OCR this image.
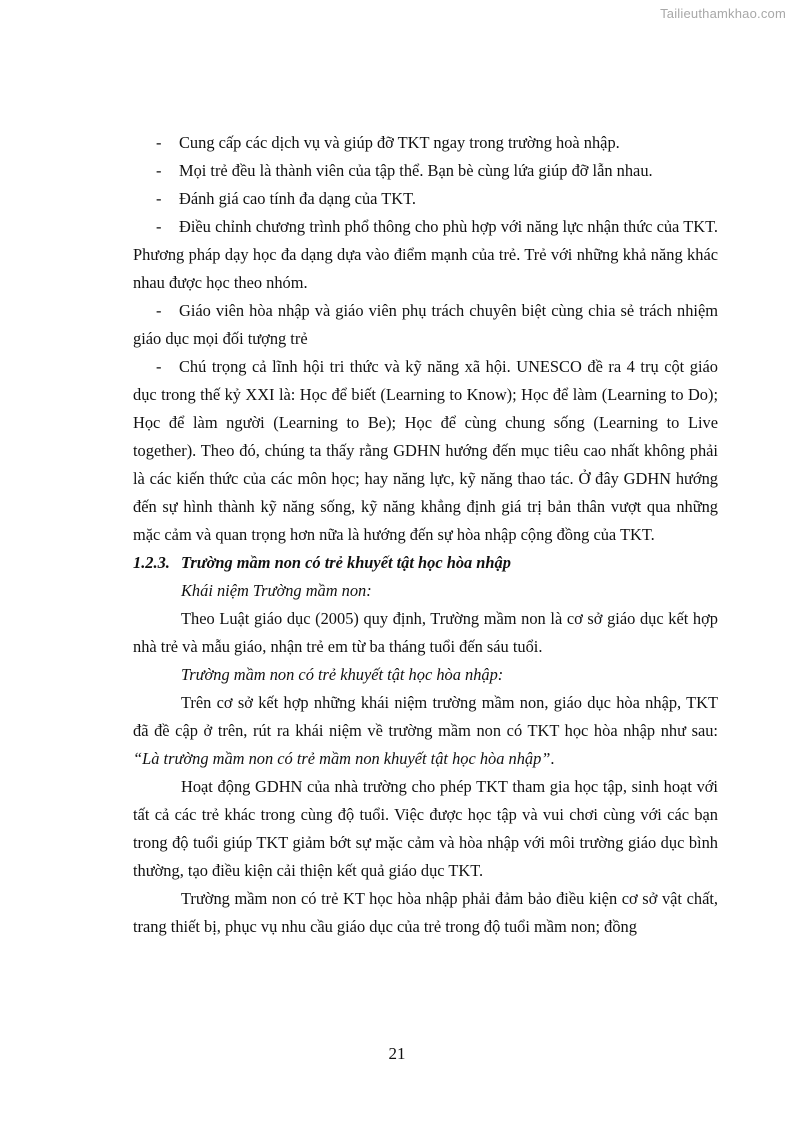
Tailieuthamkhao.com

- Cung cấp các dịch vụ và giúp đỡ TKT ngay trong trường hoà nhập.

- Mọi trẻ đều là thành viên của tập thể. Bạn bè cùng lứa giúp đỡ lẫn nhau.

- Đánh giá cao tính đa dạng của TKT.

- Điều chỉnh chương trình phổ thông cho phù hợp với năng lực nhận thức của TKT. Phương pháp dạy học đa dạng dựa vào điểm mạnh của trẻ. Trẻ với những khả năng khác nhau được học theo nhóm.

- Giáo viên hòa nhập và giáo viên phụ trách chuyên biệt cùng chia sẻ trách nhiệm giáo dục mọi đối tượng trẻ

- Chú trọng cả lĩnh hội tri thức và kỹ năng xã hội. UNESCO đề ra 4 trụ cột giáo dục trong thế kỷ XXI là: Học để biết (Learning to Know); Học để làm (Learning to Do); Học để làm người (Learning to Be); Học để cùng chung sống (Learning to Live together). Theo đó, chúng ta thấy rằng GDHN hướng đến mục tiêu cao nhất không phải là các kiến thức của các môn học; hay năng lực, kỹ năng thao tác. Ở đây GDHN hướng đến sự hình thành kỹ năng sống, kỹ năng khẳng định giá trị bản thân vượt qua những mặc cảm và quan trọng hơn nữa là hướng đến sự hòa nhập cộng đồng của TKT.

1.2.3. Trường mầm non có trẻ khuyết tật học hòa nhập

Khái niệm Trường mầm non:

Theo Luật giáo dục (2005) quy định, Trường mầm non là cơ sở giáo dục kết hợp nhà trẻ và mẫu giáo, nhận trẻ em từ ba tháng tuổi đến sáu tuổi.

Trường mầm non có trẻ khuyết tật học hòa nhập:

Trên cơ sở kết hợp những khái niệm trường mầm non, giáo dục hòa nhập, TKT đã đề cập ở trên, rút ra khái niệm về trường mầm non có TKT học hòa nhập như sau: “Là trường mầm non có trẻ mầm non khuyết tật học hòa nhập”.

Hoạt động GDHN của nhà trường cho phép TKT tham gia học tập, sinh hoạt với tất cả các trẻ khác trong cùng độ tuổi. Việc được học tập và vui chơi cùng với các bạn trong độ tuổi giúp TKT giảm bớt sự mặc cảm và hòa nhập với môi trường giáo dục bình thường, tạo điều kiện cải thiện kết quả giáo dục TKT.

Trường mầm non có trẻ KT học hòa nhập phải đảm bảo điều kiện cơ sở vật chất, trang thiết bị, phục vụ nhu cầu giáo dục của trẻ trong độ tuổi mầm non; đồng

21
